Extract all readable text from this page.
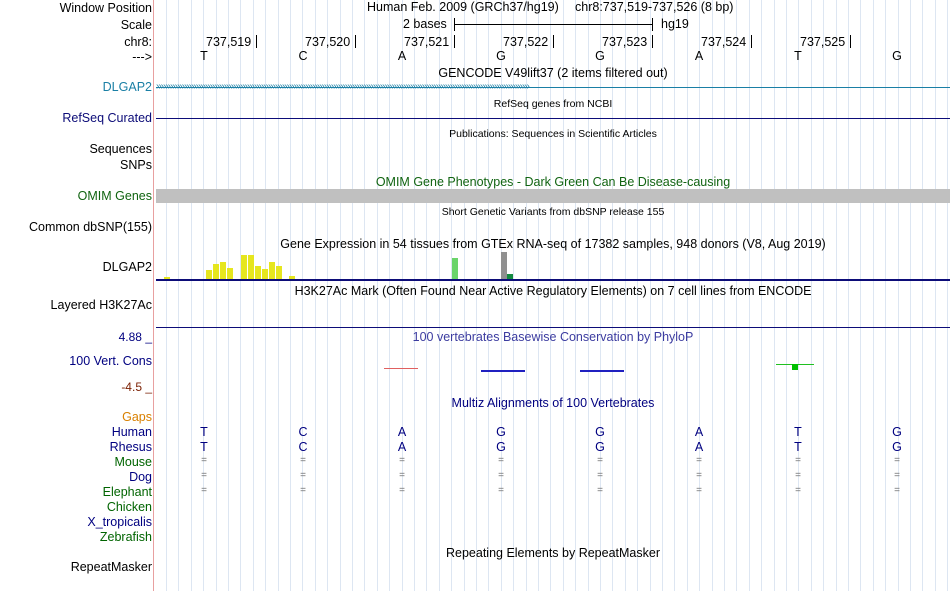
Window Position
Scale
chr8:
--->
Human Feb. 2009 (GRCh37/hg19) chr8:737,519-737,526 (8 bp)
2 bases	hg19
737,519	737,520	737,521	737,522	737,523	737,524	737,525
T	C	A	G	G	A	T	G
GENCODE V49lift37 (2 items filtered out)
DLGAP2 ››››››››››››››››››››››››››››››››››››››››››››››››››››››››››››››››››››››››››››››››››››››››››››››››››››››››››››››››››››››››››››››››››››››››››››››››››››››››››››››››
RefSeq genes from NCBI
RefSeq Curated
Publications: Sequences in Scientific Articles
Sequences
SNPs
OMIM Gene Phenotypes - Dark Green Can Be Disease-causing
OMIM Genes
Short Genetic Variants from dbSNP release 155
Common dbSNP(155)
Gene Expression in 54 tissues from GTEx RNA-seq of 17382 samples, 948 donors (V8, Aug 2019)
DLGAP2
H3K27Ac Mark (Often Found Near Active Regulatory Elements) on 7 cell lines from ENCODE
Layered H3K27Ac
100 vertebrates Basewise Conservation by PhyloP
4.88 _
100 Vert. Cons
-4.5 _
Multiz Alignments of 100 Vertebrates
Gaps
Human	T	C	A	G	G	A	T	G
Rhesus	T	C	A	G	G	A	T	G
Mouse	=	=	=	=	=	=	=	=
Dog	=	=	=	=	=	=	=	=
Elephant	=	=	=	=	=	=	=	=
Chicken
X_tropicalis
Zebrafish
Repeating Elements by RepeatMasker
RepeatMasker
